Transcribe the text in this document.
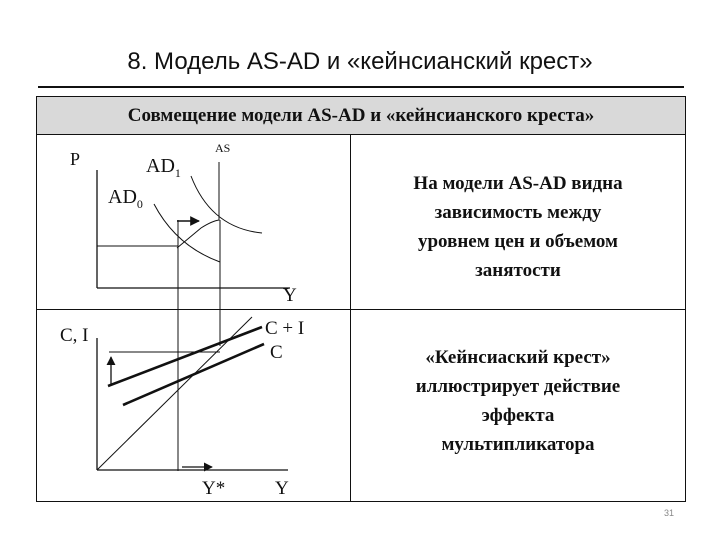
8. Модель AS-AD и «кейнсианский крест»
Совмещение модели AS-AD и «кейнсианского креста»
На модели AS-AD видна
зависимость между
уровнем цен и объемом
занятости
«Кейнсиаский крест»
иллюстрирует действие
эффекта
мультипликатора
P
Y
AS
$AD_1$
$AD_0$
C, I
Y
Y*
C + I
C
31
